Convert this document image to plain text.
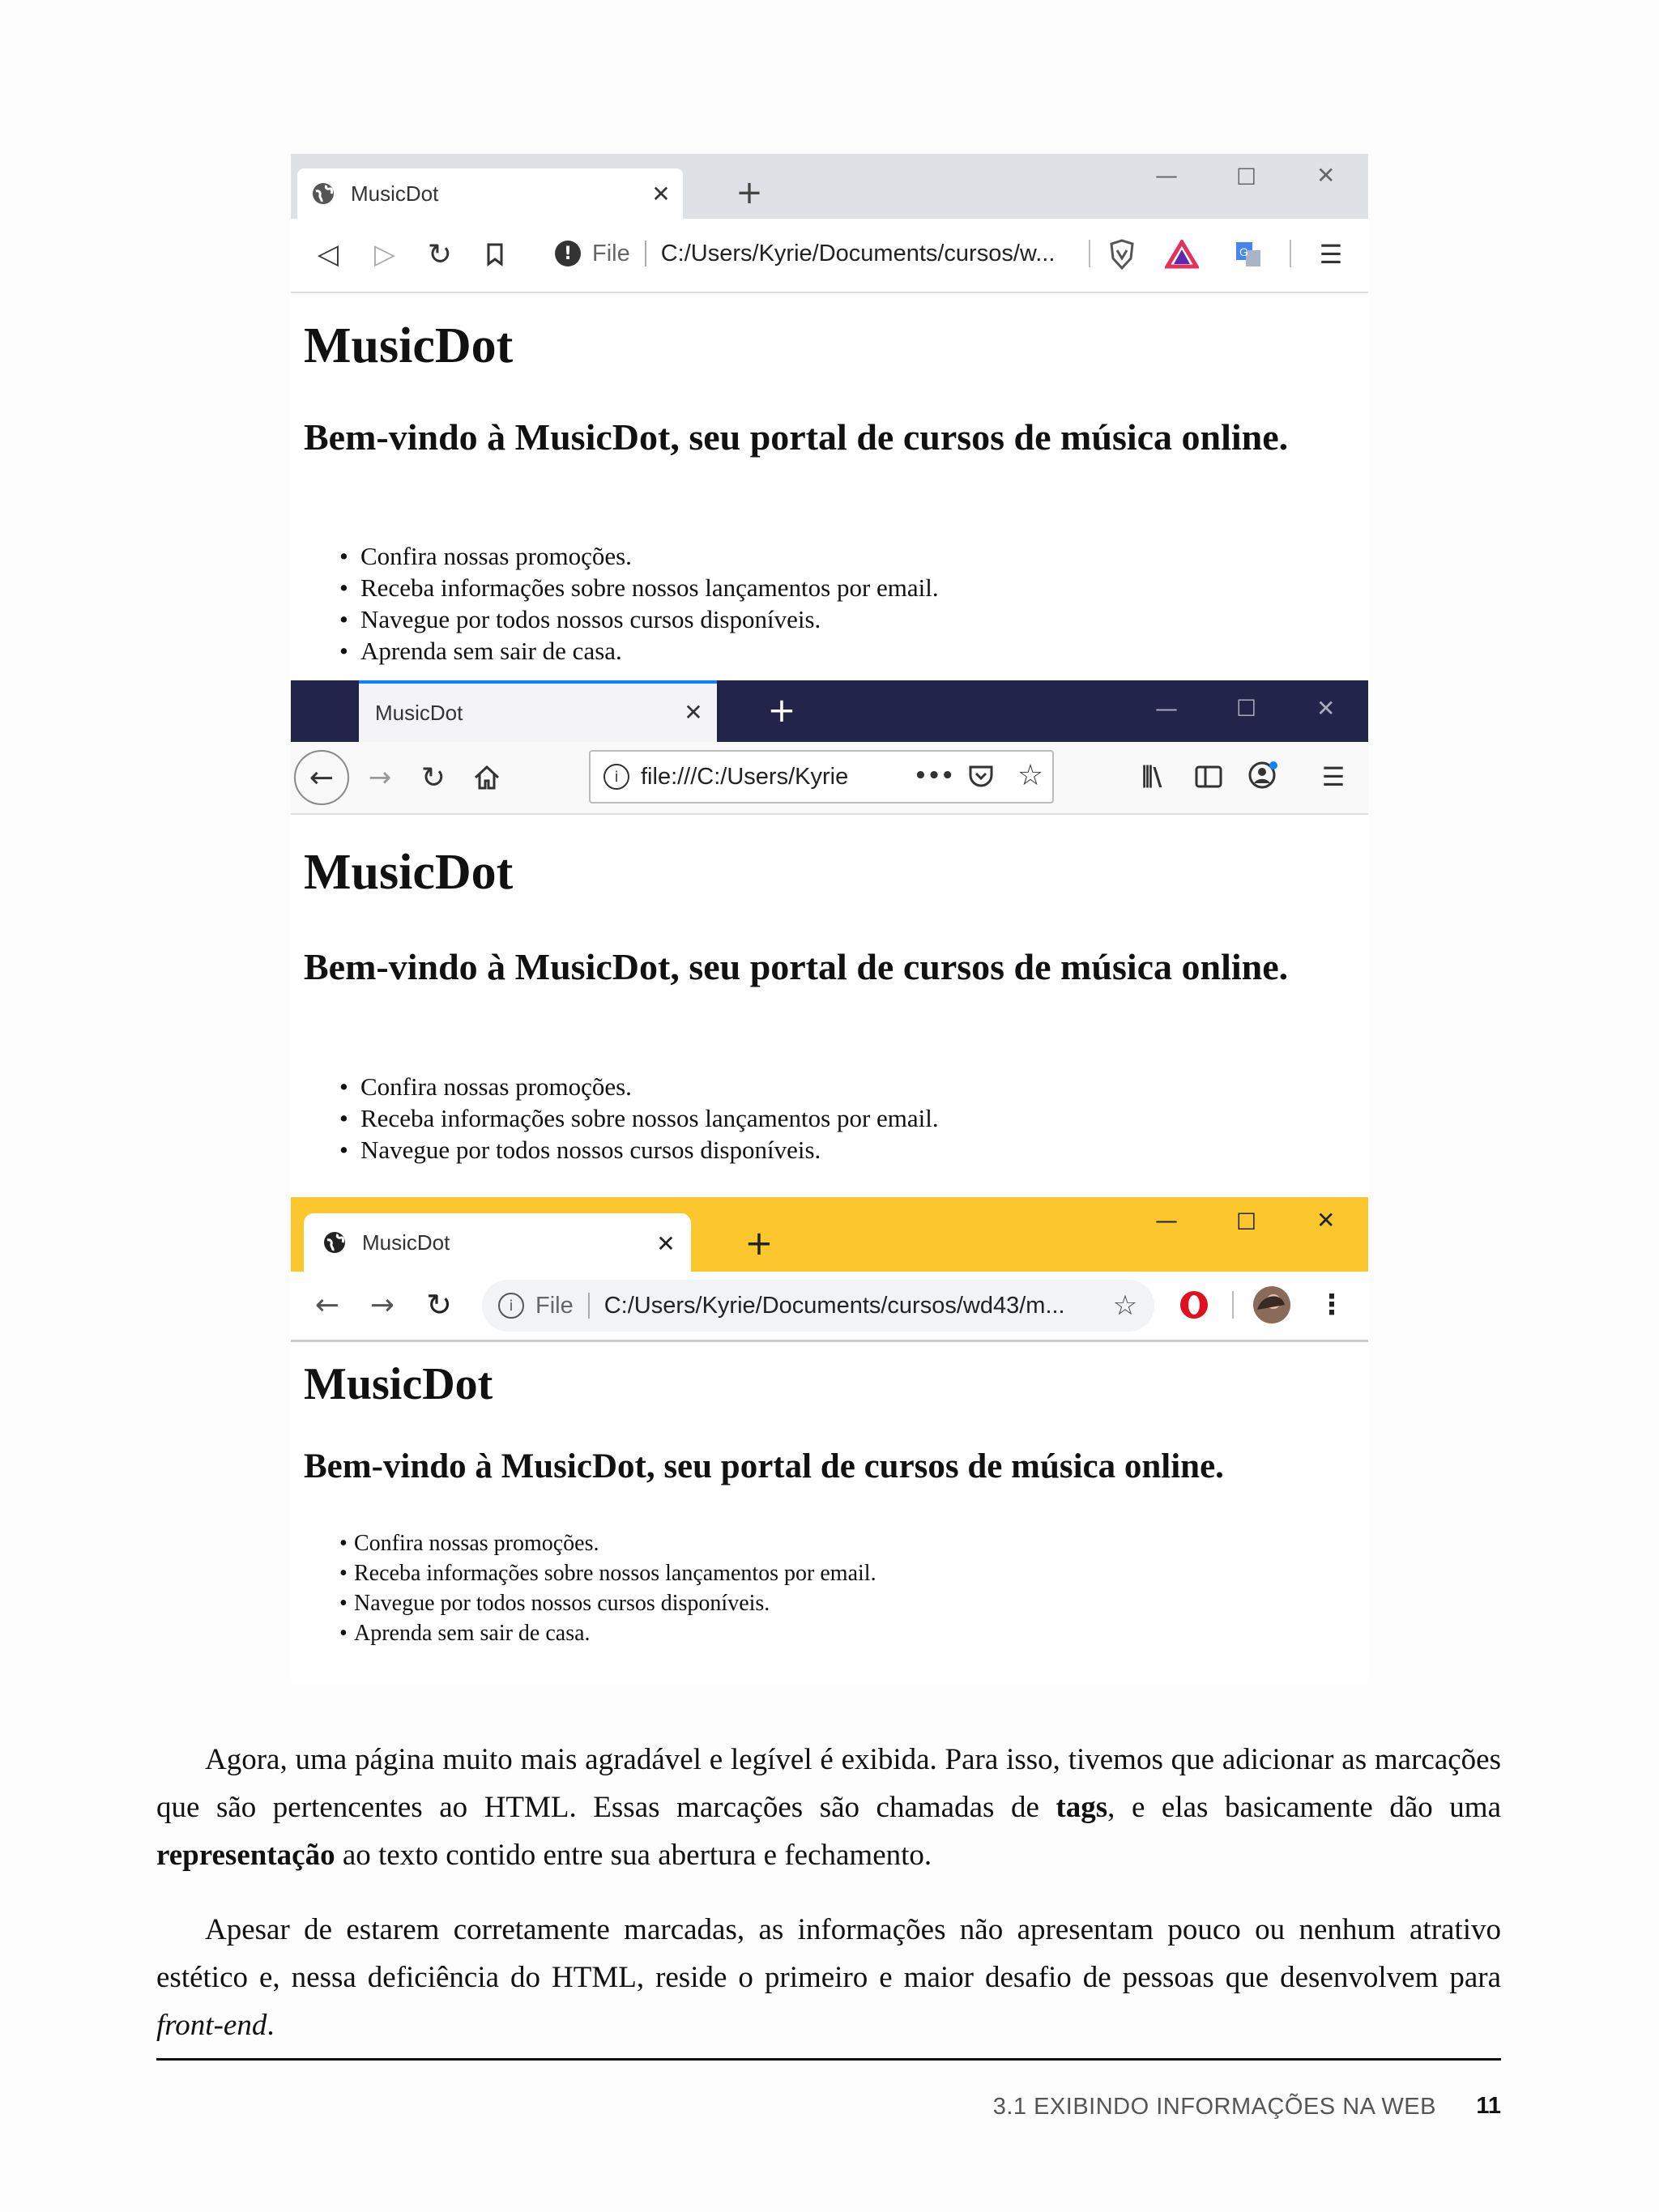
MusicDot	✕ +	—	☐	✕
◁ ▷ ↻	! File C:/Users/Kyrie/Documents/cursos/w...	G	☰
MusicDot
Bem-vindo à MusicDot, seu portal de cursos de música online.
• Confira nossas promoções.
• Receba informações sobre nossos lançamentos por email.
• Navegue por todos nossos cursos disponíveis.
• Aprenda sem sair de casa.
MusicDot	✕ +	—	☐	✕
←	→ ↻	i file:///C:/Users/Kyrie	••• ☆	⫼\	☰
MusicDot
Bem-vindo à MusicDot, seu portal de cursos de música online.
• Confira nossas promoções.
• Receba informações sobre nossos lançamentos por email.
• Navegue por todos nossos cursos disponíveis.
MusicDot	✕ +
—	☐	✕
← → ↻	i File C:/Users/Kyrie/Documents/cursos/wd43/m... ☆	⋮
MusicDot
Bem-vindo à MusicDot, seu portal de cursos de música online.
• Confira nossas promoções.
• Receba informações sobre nossos lançamentos por email.
• Navegue por todos nossos cursos disponíveis.
• Aprenda sem sair de casa.

Agora, uma página muito mais agradável e legível é exibida. Para isso, tivemos que adicionar as marcações que são pertencentes ao HTML. Essas marcações são chamadas de tags, e elas basicamente dão uma representação ao texto contido entre sua abertura e fechamento.

Apesar de estarem corretamente marcadas, as informações não apresentam pouco ou nenhum atrativo estético e, nessa deficiência do HTML, reside o primeiro e maior desafio de pessoas que desenvolvem para front-end.

3.1 EXIBINDO INFORMAÇÕES NA WEB 11
